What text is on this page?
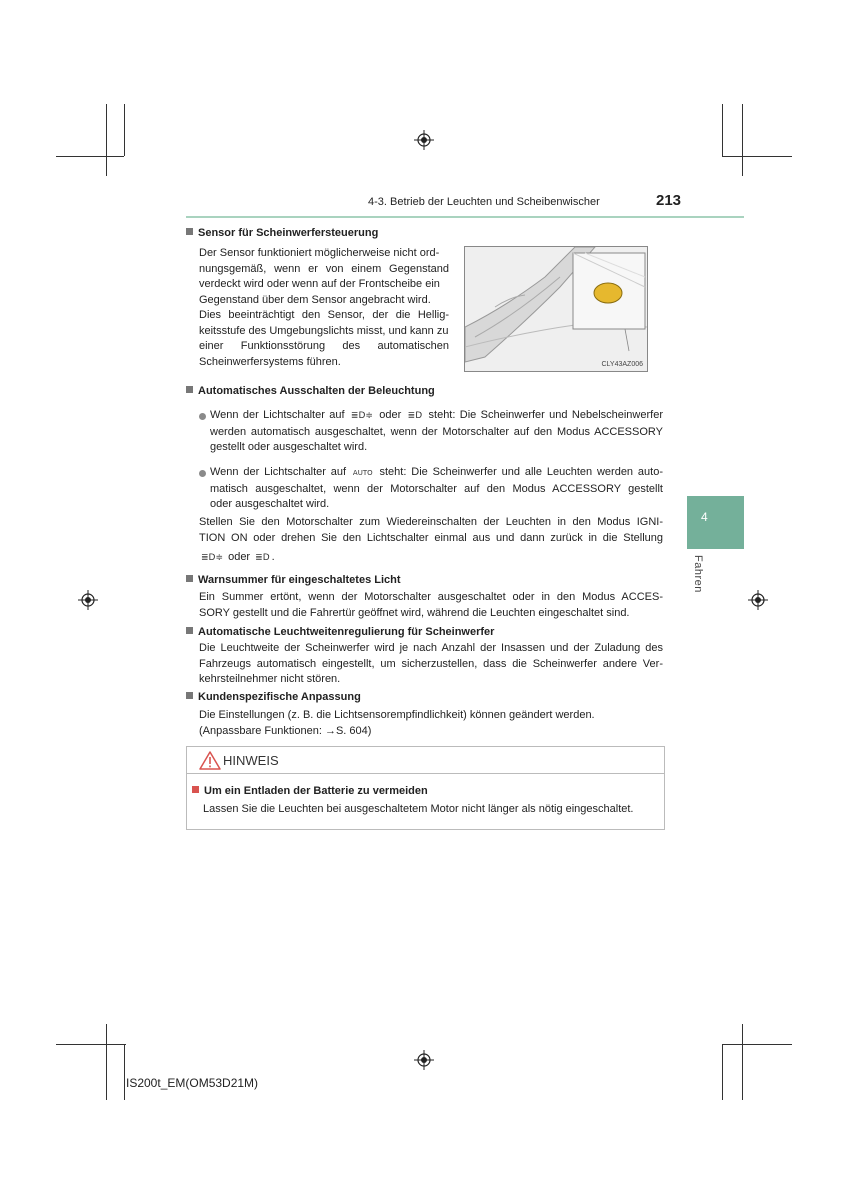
4-3. Betrieb der Leuchten und Scheibenwischer	213
4
Fahren
Sensor für Scheinwerfersteuerung
Der Sensor funktioniert möglicherweise nicht ord-
nungsgemäß, wenn er von einem Gegenstand
verdeckt wird oder wenn auf der Frontscheibe ein
Gegenstand über dem Sensor angebracht wird.
Dies beeinträchtigt den Sensor, der die Hellig-
keitsstufe des Umgebungslichts misst, und kann zu
einer Funktionsstörung des automatischen
Scheinwerfersystems führen.	CLY43AZ006
Automatisches Ausschalten der Beleuchtung
Wenn der Lichtschalter auf ≣D≑ oder ≣D steht: Die Scheinwerfer und Nebelscheinwerfer
werden automatisch ausgeschaltet, wenn der Motorschalter auf den Modus ACCESSORY
gestellt oder ausgeschaltet wird.
Wenn der Lichtschalter auf AUTO steht: Die Scheinwerfer und alle Leuchten werden auto-
matisch ausgeschaltet, wenn der Motorschalter auf den Modus ACCESSORY gestellt
oder ausgeschaltet wird.
Stellen Sie den Motorschalter zum Wiedereinschalten der Leuchten in den Modus IGNI-
TION ON oder drehen Sie den Lichtschalter einmal aus und dann zurück in die Stellung
≣D≑ oder ≣D .
Warnsummer für eingeschaltetes Licht
Ein Summer ertönt, wenn der Motorschalter ausgeschaltet oder in den Modus ACCES-
SORY gestellt und die Fahrertür geöffnet wird, während die Leuchten eingeschaltet sind.
Automatische Leuchtweitenregulierung für Scheinwerfer
Die Leuchtweite der Scheinwerfer wird je nach Anzahl der Insassen und der Zuladung des
Fahrzeugs automatisch eingestellt, um sicherzustellen, dass die Scheinwerfer andere Ver-
kehrsteilnehmer nicht stören.
Kundenspezifische Anpassung
Die Einstellungen (z. B. die Lichtsensorempfindlichkeit) können geändert werden.
(Anpassbare Funktionen: →S. 604)
HINWEIS
Um ein Entladen der Batterie zu vermeiden
Lassen Sie die Leuchten bei ausgeschaltetem Motor nicht länger als nötig eingeschaltet.
IS200t_EM(OM53D21M)
